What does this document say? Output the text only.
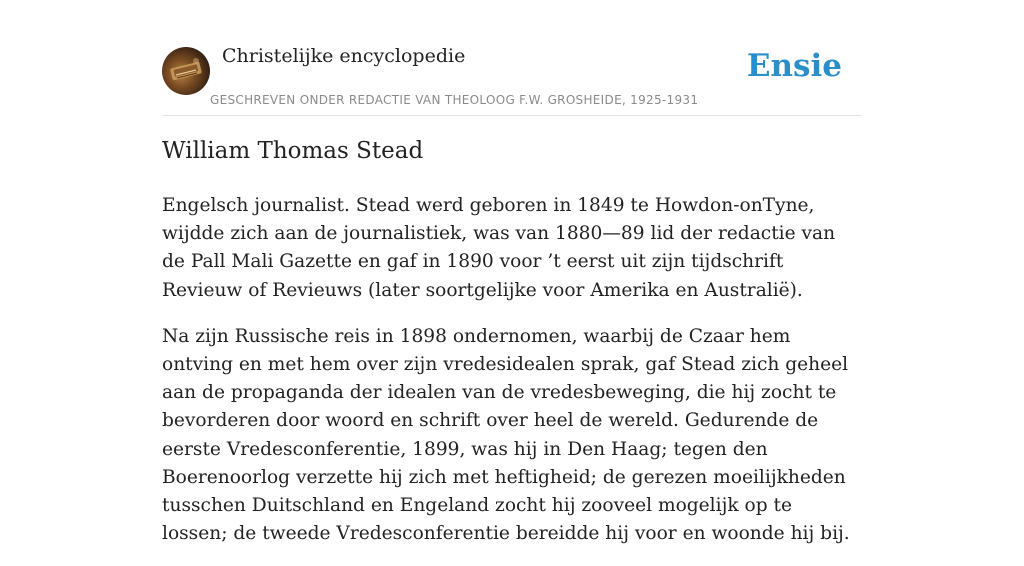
Christelijke encyclopedie
GESCHREVEN ONDER REDACTIE VAN THEOLOOG F.W. GROSHEIDE, 1925-1931
Ensie
William Thomas Stead

Engelsch journalist. Stead werd geboren in 1849 te Howdon-onTyne, wijdde zich aan de journalistiek, was van 1880—89 lid der redactie van de Pall Mali Gazette en gaf in 1890 voor ’t eerst uit zijn tijdschrift Revieuw of Revieuws (later soortgelijke voor Amerika en Australië).

Na zijn Russische reis in 1898 ondernomen, waarbij de Czaar hem ontving en met hem over zijn vredesidealen sprak, gaf Stead zich geheel aan de propaganda der idealen van de vredesbeweging, die hij zocht te bevorderen door woord en schrift over heel de wereld. Gedurende de eerste Vredesconferentie, 1899, was hij in Den Haag; tegen den Boerenoorlog verzette hij zich met heftigheid; de gerezen moeilijkheden tusschen Duitschland en Engeland zocht hij zooveel mogelijk op te lossen; de tweede Vredesconferentie bereidde hij voor en woonde hij bij.
